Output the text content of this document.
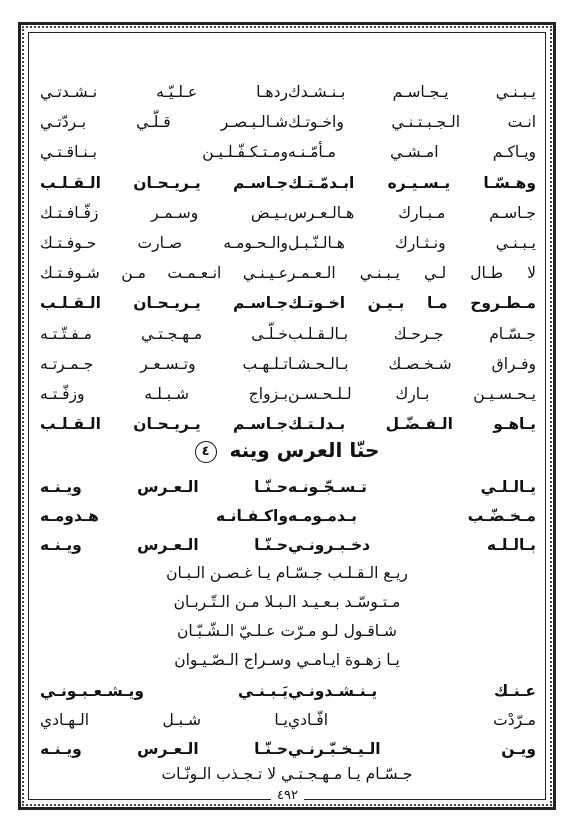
يـبـنـي يـجـاسـم بـنـشـدك
ردهـا عـلـيّـه نـشـدتـي
انـت الـجـبـتـنـي واخـوتـك
شـالـبـصـر قـلّـي بـردّتـي
ويـاكـم امـشـي مـأمّـنـه
ومـتـكـفّـلـيـن بـنـاقـتـي
وهـسّـا يـسـيـره ابـدمّـتـك
جـاسـم يـريـحـان الـقـلـب
جـاسـم مـبـارك هـالـعـرس
بـيـض وسـمـر زفّـافـتـك
يـبـنـي ونـثـارك هـالـنّـبـل
والـحـومـه صـارت حـوفـتـك
لا طـال لـي يـبـنـي الـعـمـر
عـيـنـي انـعـمـت مـن شـوفـتـك
مـطـروح مـا بـيـن اخـوتـك
جـاسـم يـريـحـان الـقـلـب
جـسّـام جـرحـك بـالـقـلـب
خـلّـى مـهـجـتـي مـفـتّـتـه
وفـراق شـخـصـك بـالـحـشـا
تـلـهـب وتـسـعـر جـمـرتـه
يـحـسـيـن بـارك لـلـحـسـن
بـزواج شـبـلـه وزفّـتـه
يـاهـو الـفـضّـل بـدلـتـك
جـاسـم يـريـحـان الـقـلـب
حنّا العرس وينه ٤
يـالـلـي تـسـجّـونـه
حـنّـا الـعـرس ويـنـه
مـخـضّـب بـدمـومـه
واكـفـانـه هـدومـه
بـالـلـه دخـبـرونـي
حـنّـا الـعـرس ويـنـه
ريـع الـقـلـب جـسّـام يـا غـصـن الـبـان
مـتـوسّـد بـعـيـد الـبـلا مـن الـتّـربـان
شـاقـول لـو مـرّت عـلـيّ الـشّـبّـان
يـا زهـوة ايـامـي وسـراج الـصّـيـوان
عـنـك يـنـشـدونـي
يَـبـنـي ويـشـعـبـونـي
مـرّدْت افّـادي
يـا شـبـل الـهـادي
ويـن الـيـخـبّـرنـي
حـنّـا الـعـرس ويـنـه
جـسّـام يـا مـهـجـتـي لا تـجـذب الـونّـات
٤٩٢
